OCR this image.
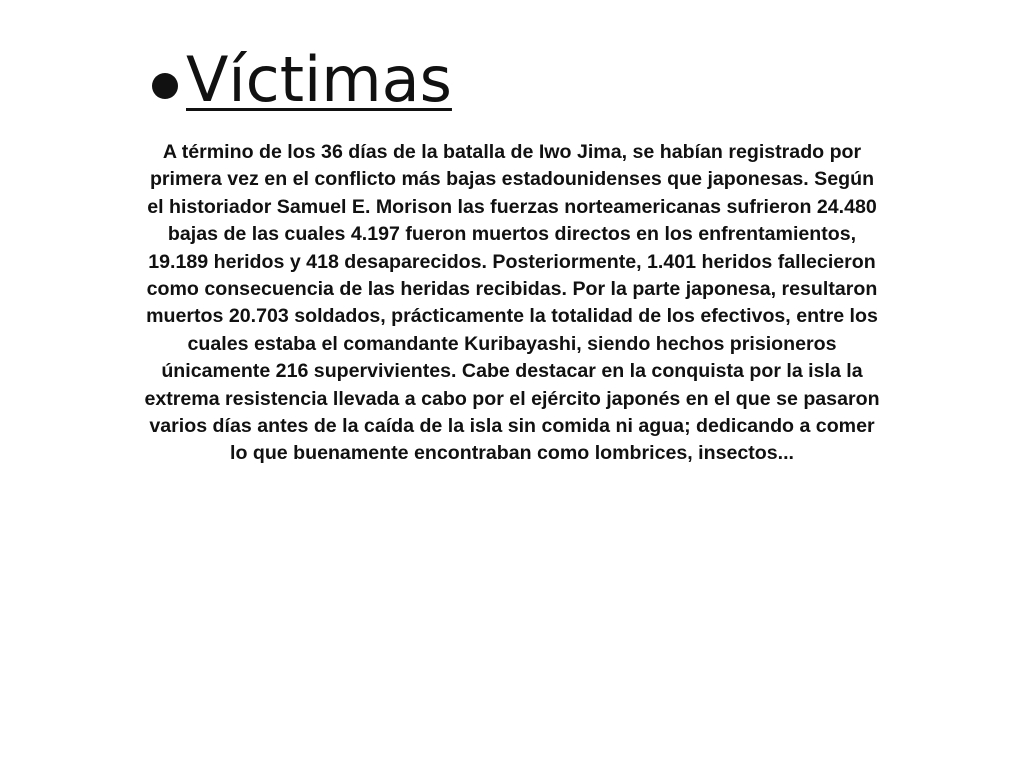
Víctimas

A término de los 36 días de la batalla de Iwo Jima, se habían registrado por
primera vez en el conflicto más bajas estadounidenses que japonesas. Según
el historiador Samuel E. Morison las fuerzas norteamericanas sufrieron 24.480
bajas de las cuales 4.197 fueron muertos directos en los enfrentamientos,
19.189 heridos y 418 desaparecidos. Posteriormente, 1.401 heridos fallecieron
como consecuencia de las heridas recibidas. Por la parte japonesa, resultaron
muertos 20.703 soldados, prácticamente la totalidad de los efectivos, entre los
cuales estaba el comandante Kuribayashi, siendo hechos prisioneros
únicamente 216 supervivientes. Cabe destacar en la conquista por la isla la
extrema resistencia llevada a cabo por el ejército japonés en el que se pasaron
varios días antes de la caída de la isla sin comida ni agua; dedicando a comer
lo que buenamente encontraban como lombrices, insectos...
